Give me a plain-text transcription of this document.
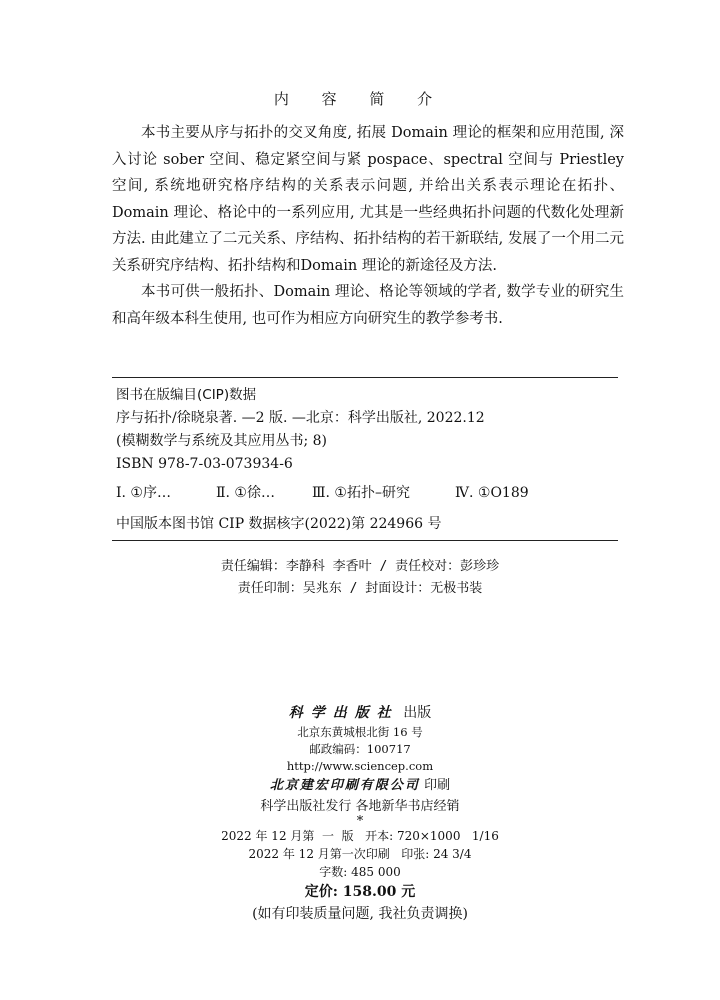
内 容 简 介

本书主要从序与拓扑的交叉角度, 拓展 Domain 理论的框架和应用范围, 深入讨论 sober 空间、稳定紧空间与紧 pospace、spectral 空间与 Priestley 空间, 系统地研究格序结构的关系表示问题, 并给出关系表示理论在拓扑、Domain 理论、格论中的一系列应用, 尤其是一些经典拓扑问题的代数化处理新方法. 由此建立了二元关系、序结构、拓扑结构的若干新联结, 发展了一个用二元关系研究序结构、拓扑结构和Domain 理论的新途径及方法.

本书可供一般拓扑、Domain 理论、格论等领域的学者, 数学专业的研究生和高年级本科生使用, 也可作为相应方向研究生的教学参考书.

图书在版编目(CIP)数据
序与拓扑/徐晓泉著. —2 版. —北京：科学出版社, 2022.12
(模糊数学与系统及其应用丛书; 8)
ISBN 978-7-03-073934-6
Ⅰ. ①序…	Ⅱ. ①徐…	Ⅲ. ①拓扑–研究	Ⅳ. ①O189
中国版本图书馆 CIP 数据核字(2022)第 224966 号
责任编辑：李静科 李香叶 / 责任校对：彭珍珍
责任印制：吴兆东 / 封面设计：无极书装
科学出版社 出版
北京东黄城根北街 16 号
邮政编码：100717
http://www.sciencep.com
北京建宏印刷有限公司 印刷
科学出版社发行 各地新华书店经销
*
2022 年 12 月第  一  版   开本: 720×1000   1/16
2022 年 12 月第一次印刷   印张: 24 3/4
字数: 485 000
定价: 158.00 元
(如有印装质量问题, 我社负责调换)
